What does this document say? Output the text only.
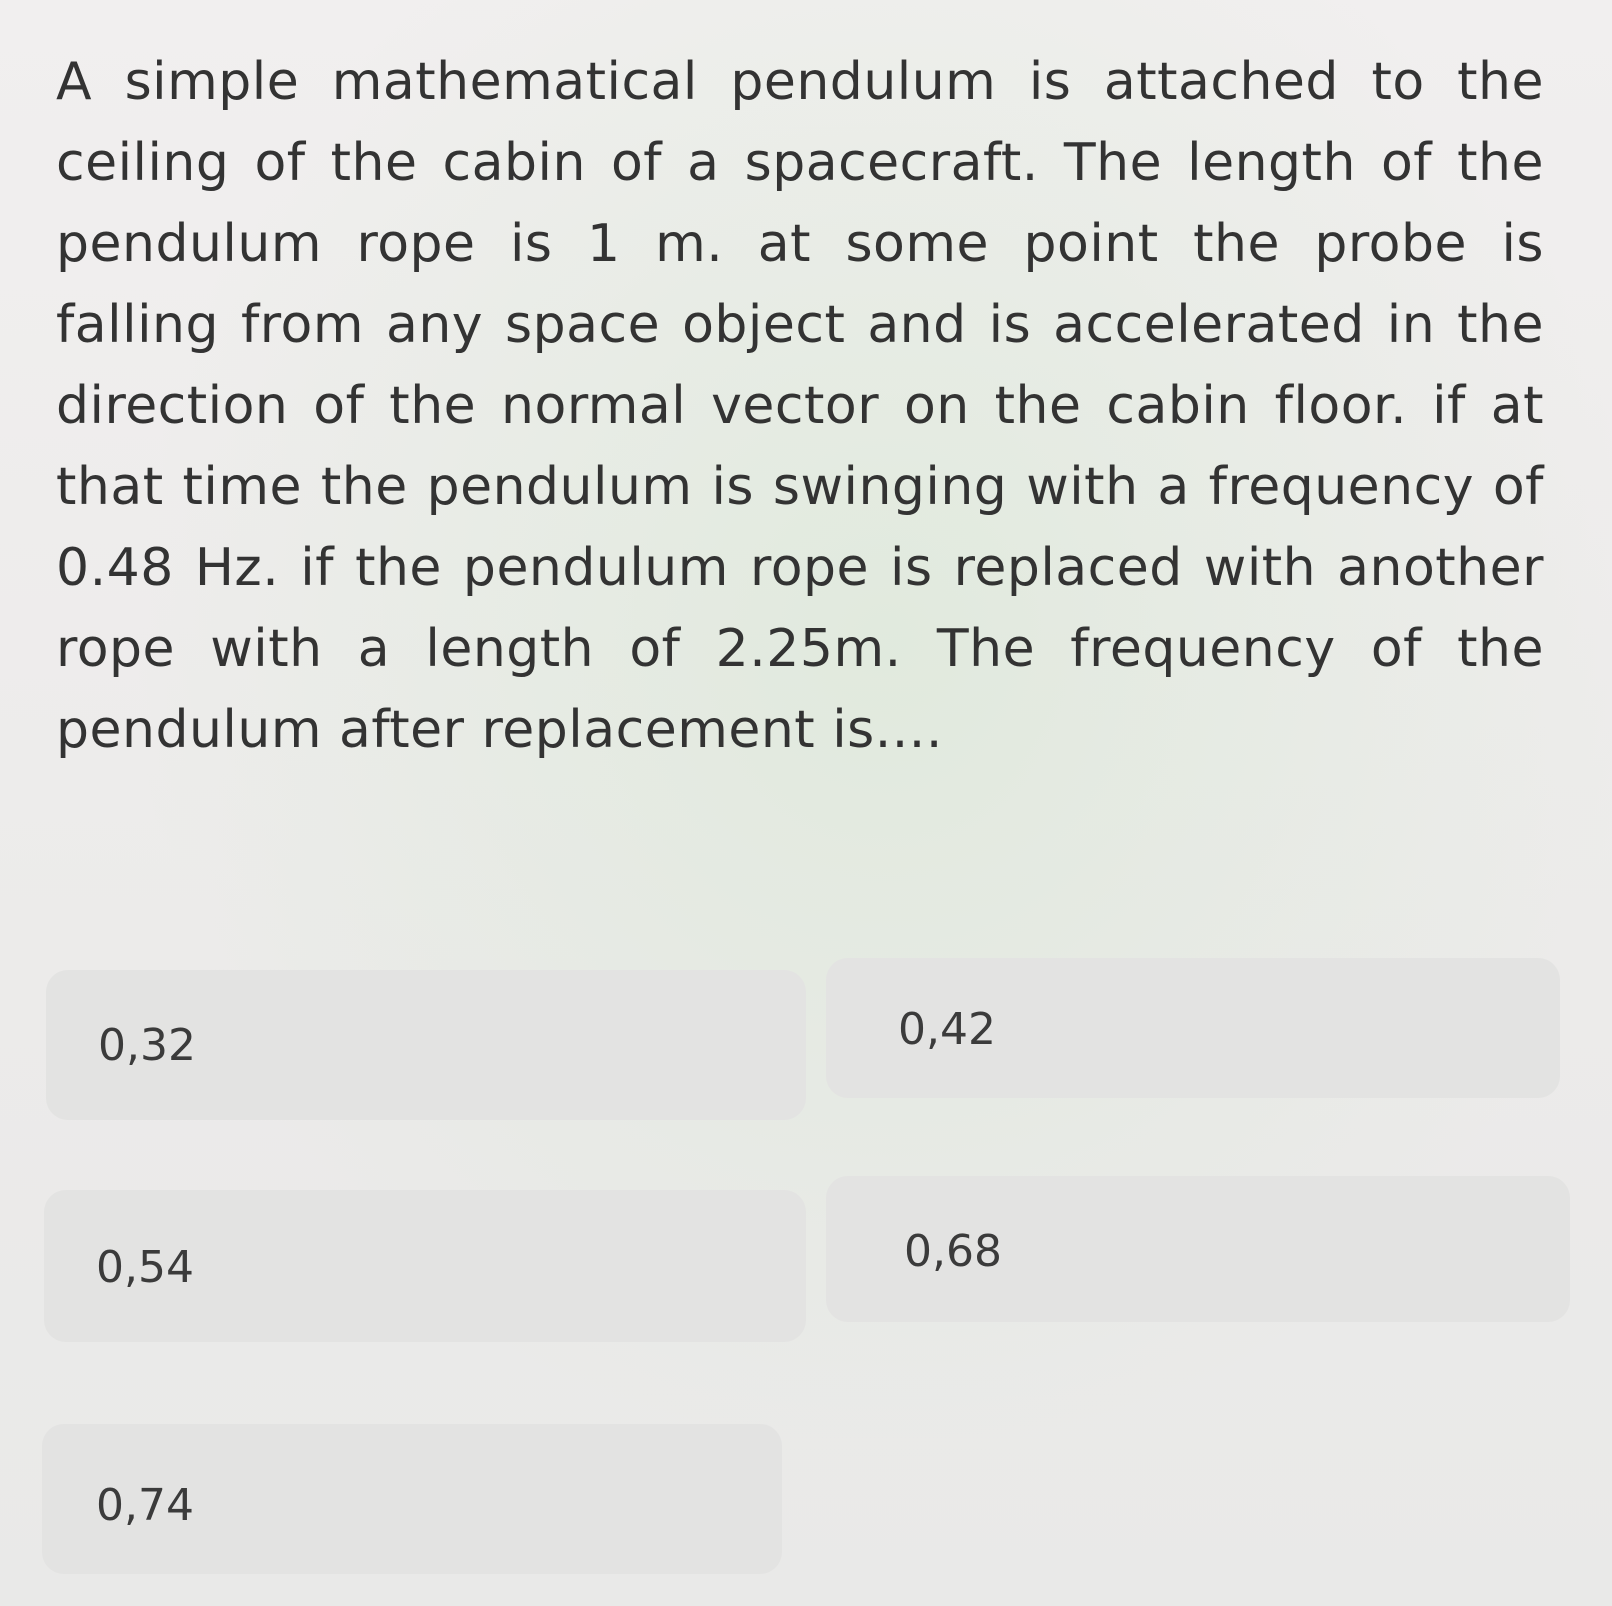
A simple mathematical pendulum is attached to the ceiling of the cabin of a spacecraft. The length of the pendulum rope is 1 m. at some point the probe is falling from any space object and is accelerated in the direction of the normal vector on the cabin floor. if at that time the pendulum is swinging with a frequency of 0.48 Hz. if the pendulum rope is replaced with another rope with a length of 2.25m. The frequency of the pendulum after replacement is....

0,32	0,42
0,54	0,68
0,74
